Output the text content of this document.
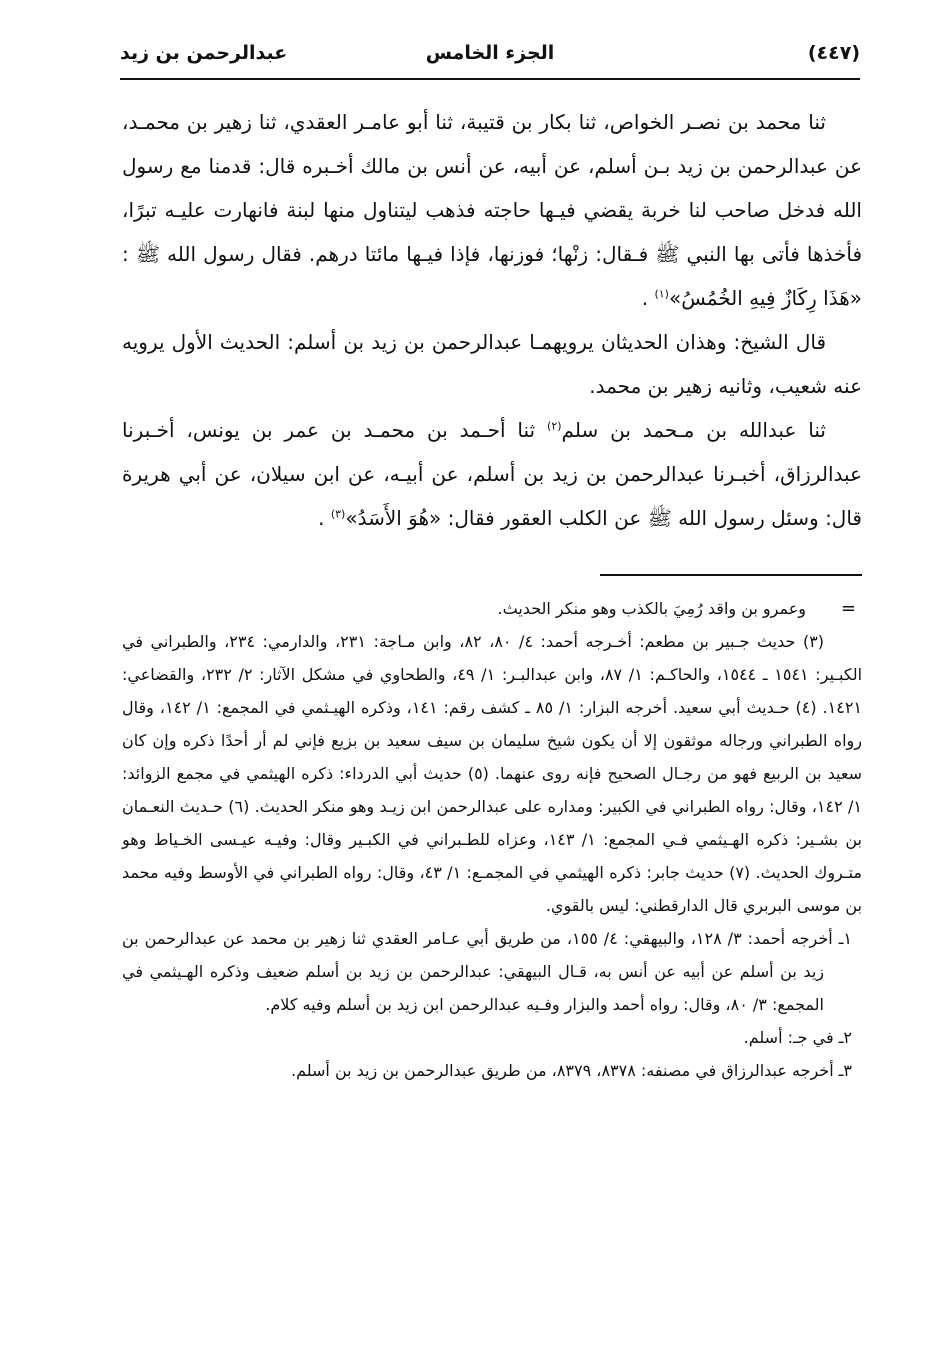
عبدالرحمن بن زيد	الجزء الخامس	(٤٤٧)

ثنا محمد بن نصـر الخواص، ثنا بكار بن قتيبة، ثنا أبو عامـر العقدي، ثنا زهير بن محمـد، عن عبدالرحمن بن زيد بـن أسلم، عن أبيه، عن أنس بن مالك أخـبره قال: قدمنا مع رسول الله فدخل صاحب لنا خربة يقضي فيـها حاجته فذهب ليتناول منها لبنة فانهارت عليـه تبرًا، فأخذها فأتى بها النبي ﷺ فـقال: زنْها؛ فوزنها، فإذا فيـها مائتا درهم. فقال رسول الله ﷺ : «هَذَا رِكَازٌ فِيهِ الخُمُسُ»$^{(١)}$ .

قال الشيخ: وهذان الحديثان يرويهمـا عبدالرحمن بن زيد بن أسلم: الحديث الأول يرويه عنه شعيب، وثانيه زهير بن محمد.

ثنا عبدالله بن مـحمد بن سلم$^{(٢)}$ ثنا أحـمد بن محمـد بن عمر بن يونس، أخـبرنا عبدالرزاق، أخبـرنا عبدالرحمن بن زيد بن أسلم، عن أبيـه، عن ابن سيلان، عن أبي هريرة قال: وسئل رسول الله ﷺ عن الكلب العقور فقال: «هُوَ الأَسَدُ»$^{(٣)}$ .

=
وعمرو بن واقد رُمِيَ بالكذب وهو منكر الحديث.

(٣) حديث جـبير بن مطعم: أخـرجه أحمد: ٤/ ٨٠، ٨٢، وابن مـاجة: ٢٣١، والدارمي: ٢٣٤، والطبراني في الكبـير: ١٥٤١ ـ ١٥٤٤، والحاكـم: ١/ ٨٧، وابن عبدالبـر: ١/ ٤٩، والطحاوي في مشكل الآثار: ٢/ ٢٣٢، والقضاعي: ١٤٢١. (٤) حـديث أبي سعيد. أخرجه البزار: ١/ ٨٥ ـ كشف رقم: ١٤١، وذكره الهيـثمي في المجمع: ١/ ١٤٢، وقال رواه الطبراني ورجاله موثقون إلا أن يكون شيخ سليمان بن سيف سعيد بن بزيع فإني لم أر أحدًا ذكره وإن كان سعيد بن الربيع فهو من رجـال الصحيح فإنه روى عنهما. (٥) حديث أبي الدرداء: ذكره الهيثمي في مجمع الزوائد: ١/ ١٤٢، وقال: رواه الطبراني في الكبير: ومداره على عبدالرحمن ابن زيـد وهو منكر الحديث. (٦) حـديث النعـمان بن بشـير: ذكره الهـيثمي فـي المجمع: ١/ ١٤٣، وعزاه للطـبراني في الكبـير وقال: وفيـه عيـسى الخـياط وهو متـروك الحديث. (٧) حديث جابر: ذكره الهيثمي في المجمـع: ١/ ٤٣، وقال: رواه الطبراني في الأوسط وفيه محمد بن موسى البربري قال الدارقطني: ليس بالقوي.

١ـ أخرجه أحمد: ٣/ ١٢٨، والبيهقي: ٤/ ١٥٥، من طريق أبي عـامر العقدي ثنا زهير بن محمد عن عبدالرحمن بن زيد بن أسلم عن أبيه عن أنس به، قـال البيهقي: عبدالرحمن بن زيد بن أسلم ضعيف وذكره الهـيثمي في المجمع: ٣/ ٨٠، وقال: رواه أحمد والبزار وفـيه عبدالرحمن ابن زيد بن أسلم وفيه كلام.

٢ـ في جـ: أسلم.

٣ـ أخرجه عبدالرزاق في مصنفه: ٨٣٧٨، ٨٣٧٩، من طريق عبدالرحمن بن زيد بن أسلم.
